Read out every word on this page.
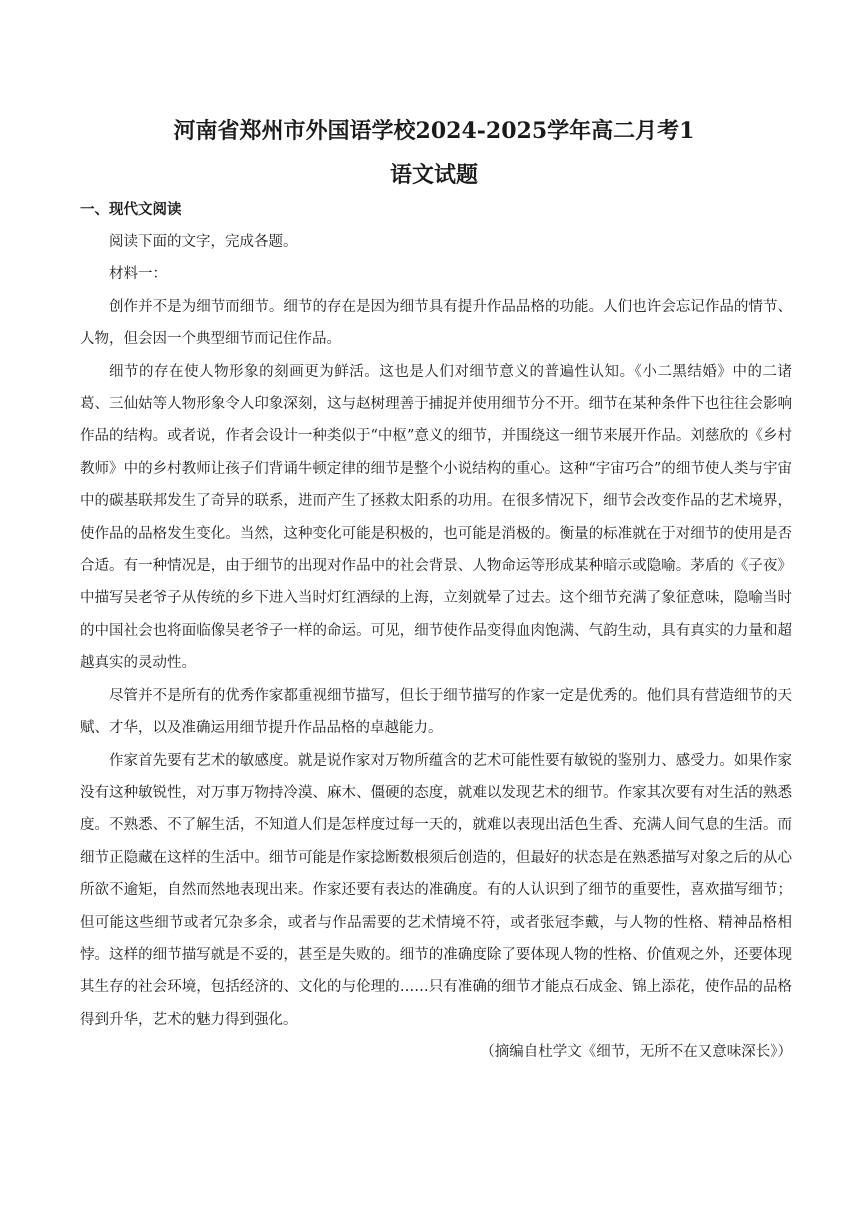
河南省郑州市外国语学校2024-2025学年高二月考1
语文试题
一、现代文阅读

阅读下面的文字，完成各题。

材料一：

创作并不是为细节而细节。细节的存在是因为细节具有提升作品品格的功能。人们也许会忘记作品的情节、人物，但会因一个典型细节而记住作品。

细节的存在使人物形象的刻画更为鲜活。这也是人们对细节意义的普遍性认知。《小二黑结婚》中的二诸葛、三仙姑等人物形象令人印象深刻，这与赵树理善于捕捉并使用细节分不开。细节在某种条件下也往往会影响作品的结构。或者说，作者会设计一种类似于“中枢”意义的细节，并围绕这一细节来展开作品。刘慈欣的《乡村教师》中的乡村教师让孩子们背诵牛顿定律的细节是整个小说结构的重心。这种“宇宙巧合”的细节使人类与宇宙中的碳基联邦发生了奇异的联系，进而产生了拯救太阳系的功用。在很多情况下，细节会改变作品的艺术境界，使作品的品格发生变化。当然，这种变化可能是积极的，也可能是消极的。衡量的标准就在于对细节的使用是否合适。有一种情况是，由于细节的出现对作品中的社会背景、人物命运等形成某种暗示或隐喻。茅盾的《子夜》中描写吴老爷子从传统的乡下进入当时灯红酒绿的上海，立刻就晕了过去。这个细节充满了象征意味，隐喻当时的中国社会也将面临像吴老爷子一样的命运。可见，细节使作品变得血肉饱满、气韵生动，具有真实的力量和超越真实的灵动性。

尽管并不是所有的优秀作家都重视细节描写，但长于细节描写的作家一定是优秀的。他们具有营造细节的天赋、才华，以及准确运用细节提升作品品格的卓越能力。

作家首先要有艺术的敏感度。就是说作家对万物所蕴含的艺术可能性要有敏锐的鉴别力、感受力。如果作家没有这种敏锐性，对万事万物持冷漠、麻木、僵硬的态度，就难以发现艺术的细节。作家其次要有对生活的熟悉度。不熟悉、不了解生活，不知道人们是怎样度过每一天的，就难以表现出活色生香、充满人间气息的生活。而细节正隐藏在这样的生活中。细节可能是作家捻断数根须后创造的，但最好的状态是在熟悉描写对象之后的从心所欲不逾矩，自然而然地表现出来。作家还要有表达的准确度。有的人认识到了细节的重要性，喜欢描写细节；但可能这些细节或者冗杂多余，或者与作品需要的艺术情境不符，或者张冠李戴，与人物的性格、精神品格相悖。这样的细节描写就是不妥的，甚至是失败的。细节的准确度除了要体现人物的性格、价值观之外，还要体现其生存的社会环境，包括经济的、文化的与伦理的……只有准确的细节才能点石成金、锦上添花，使作品的品格得到升华，艺术的魅力得到强化。

（摘编自杜学文《细节，无所不在又意味深长》）
